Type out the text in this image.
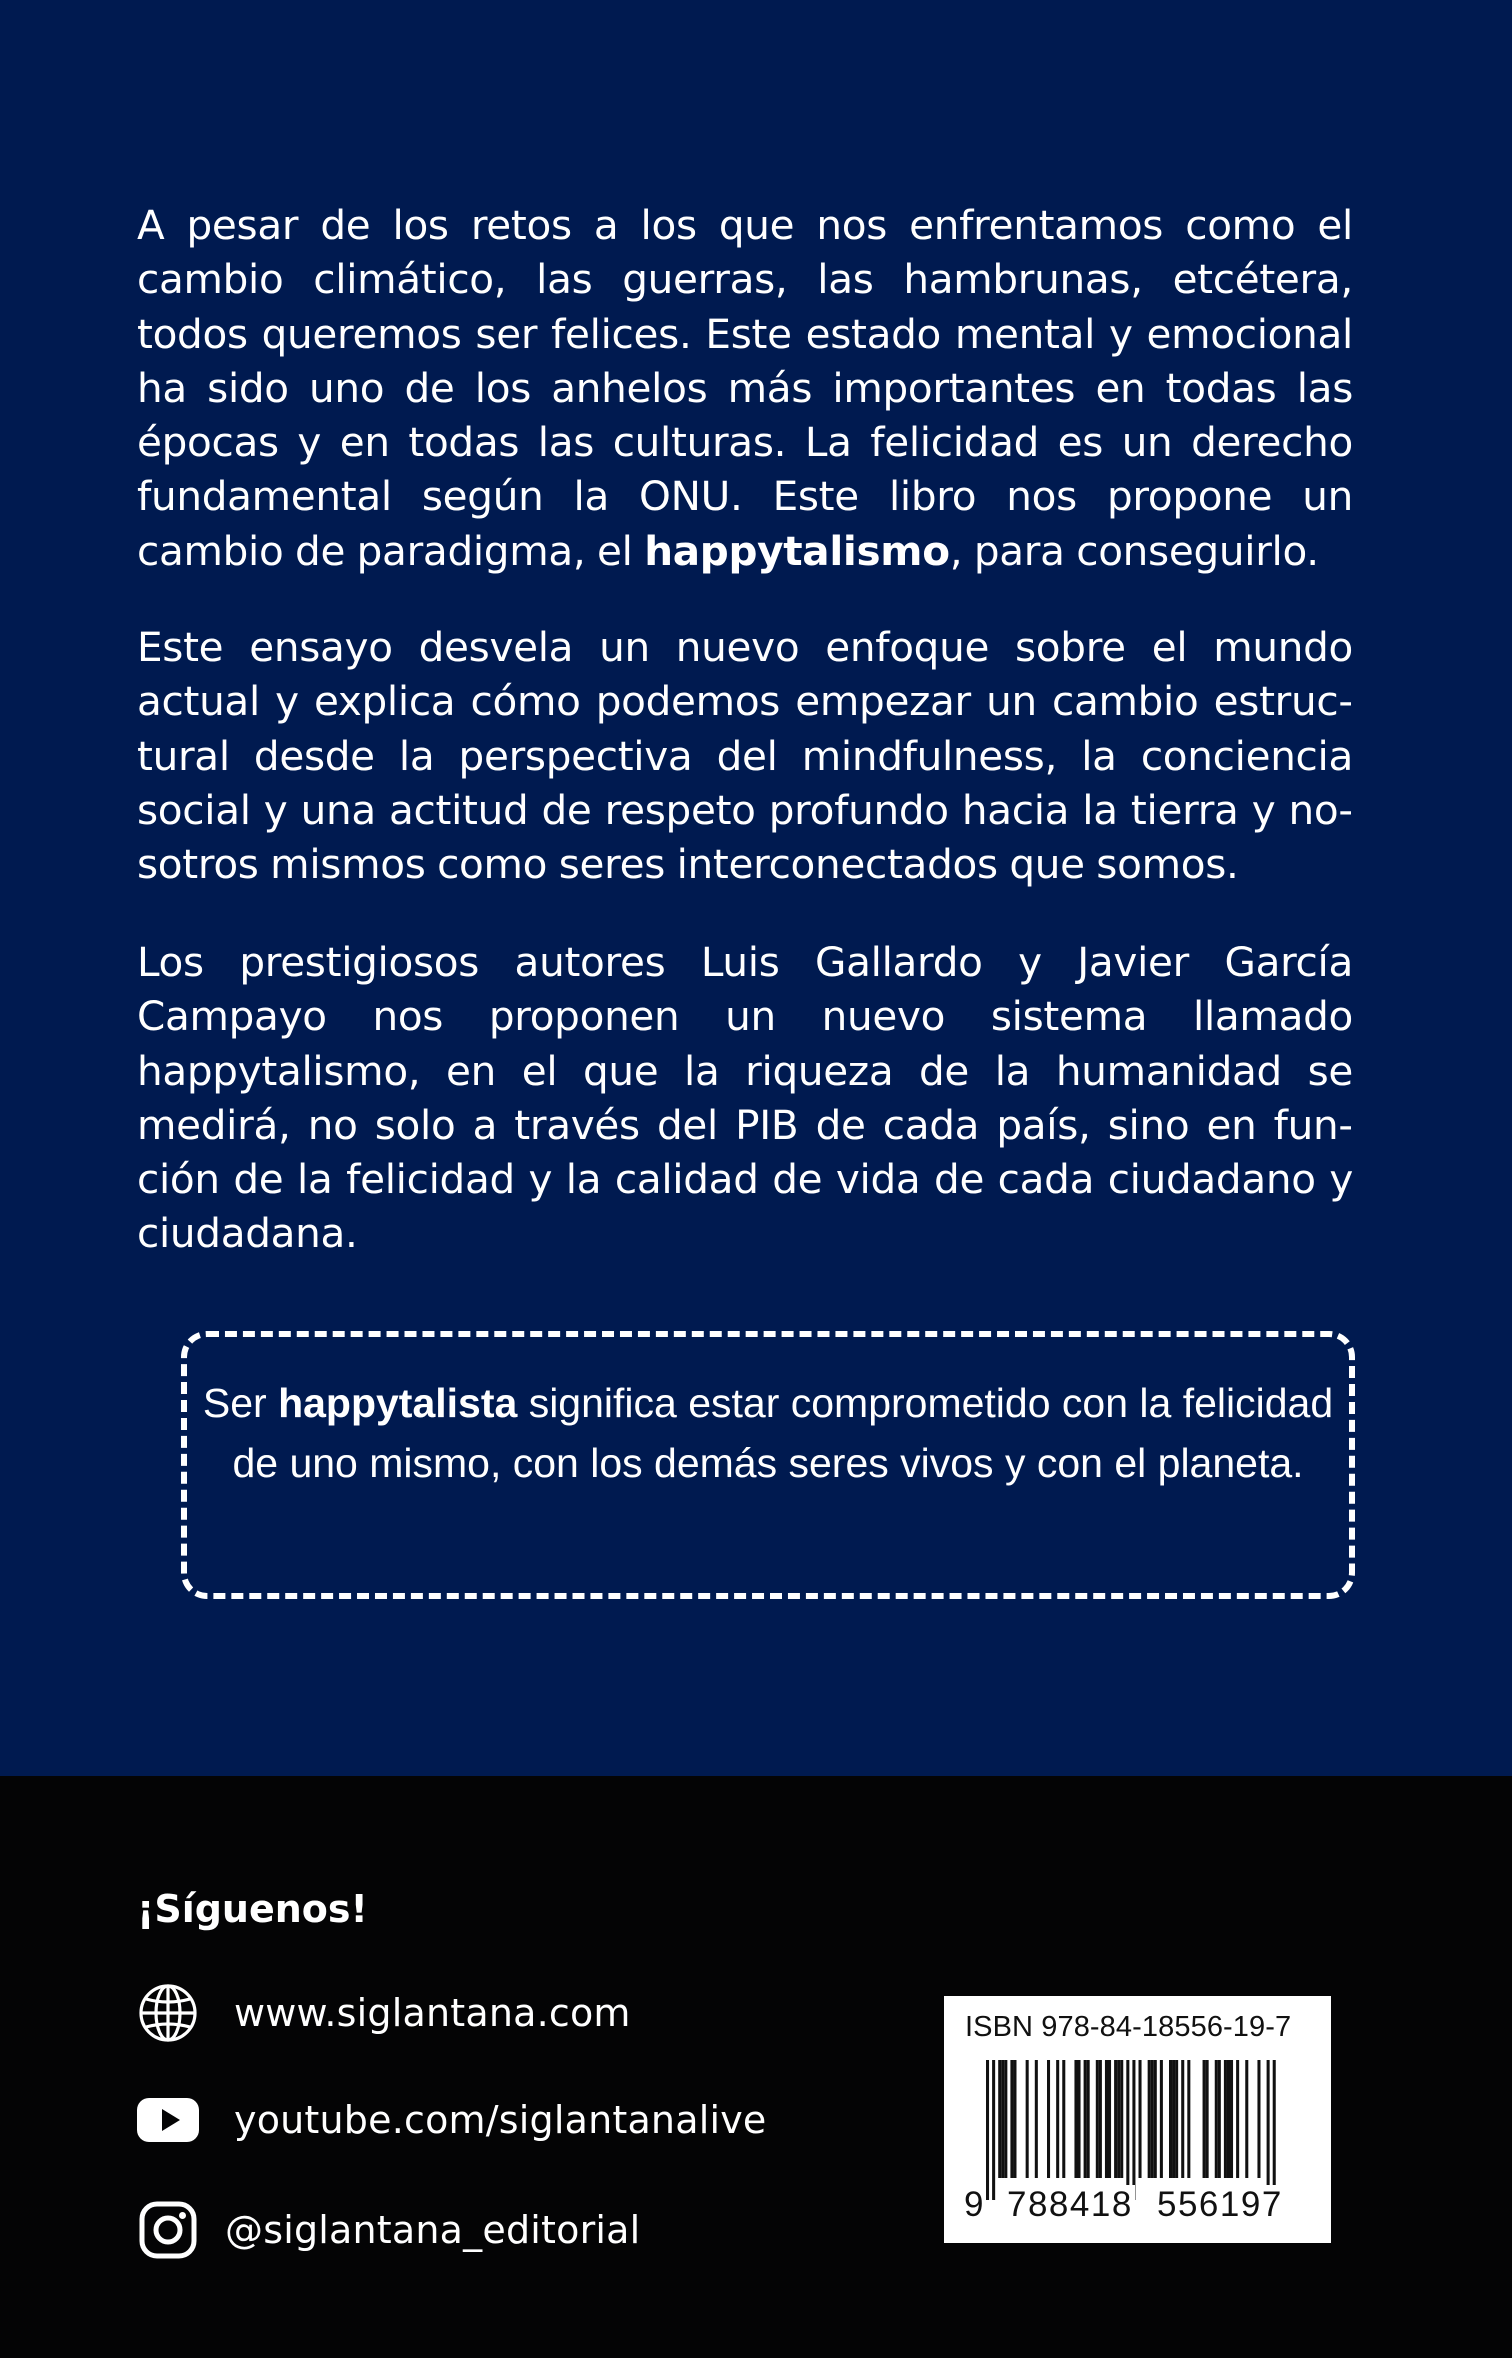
A pesar de los retos a los que nos enfrentamos como el cambio climático, las guerras, las hambrunas, etcétera, todos queremos ser felices. Este estado mental y emocional ha sido uno de los anhelos más importantes en todas las épocas y en todas las culturas. La felicidad es un derecho fundamental según la ONU. Este libro nos propone un cambio de paradigma, el happytalismo, para conseguirlo.

Este ensayo desvela un nuevo enfoque sobre el mundo actual y explica cómo podemos empezar un cambio estructural desde la perspectiva del mindfulness, la conciencia social y una actitud de respeto profundo hacia la tierra y nosotros mismos como seres interconectados que somos.

Los prestigiosos autores Luis Gallardo y Javier García Campayo nos proponen un nuevo sistema llamado happytalismo, en el que la riqueza de la humanidad se medirá, no solo a través del PIB de cada país, sino en función de la felicidad y la calidad de vida de cada ciudadano y ciudadana.

Ser happytalista significa estar comprometido con la felicidad de uno mismo, con los demás seres vivos y con el planeta.

¡Síguenos!

www.siglantana.com
youtube.com/siglantanalive
@siglantana_editorial

ISBN 978-84-18556-19-7

9 788418 556197
